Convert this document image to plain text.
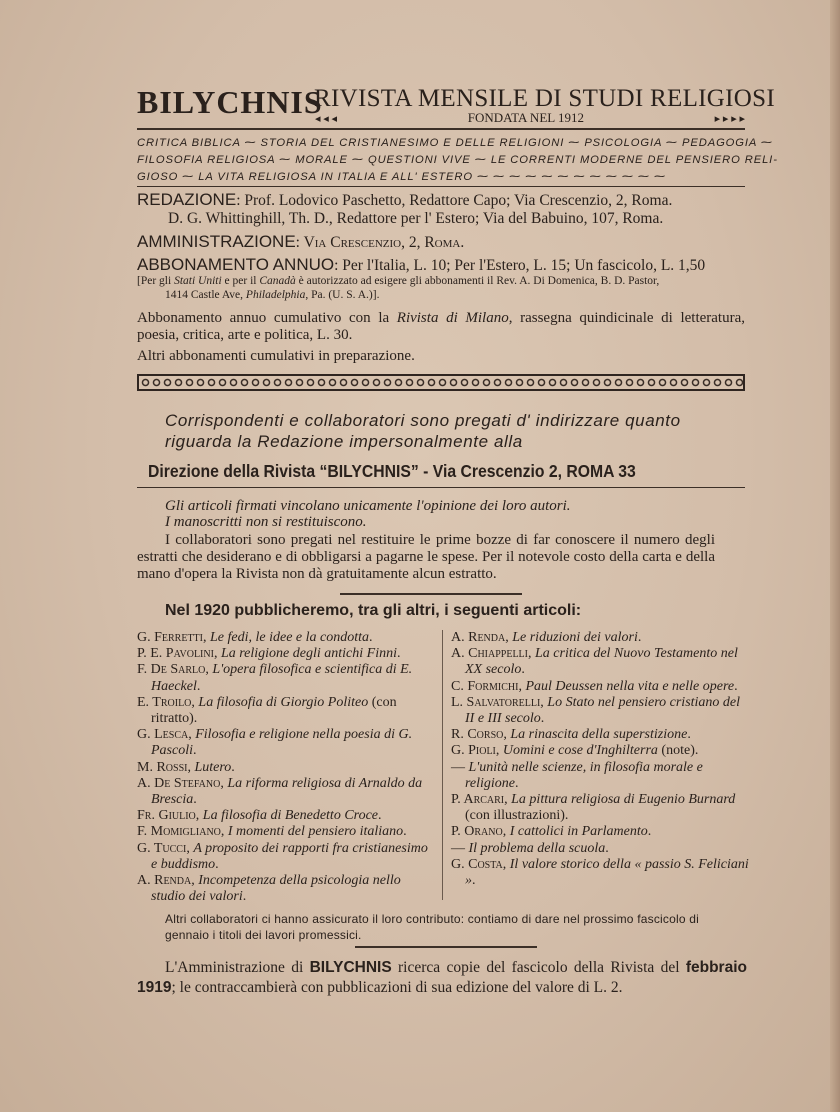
BILYCHNIS
RIVISTA MENSILE DI STUDI RELIGIOSI
◂ ◂ ◂	FONDATA NEL 1912	▸ ▸ ▸ ▸
CRITICA BIBLICA ⁓ STORIA DEL CRISTIANESIMO E DELLE RELIGIONI ⁓ PSICOLOGIA ⁓ PEDAGOGIA ⁓
FILOSOFIA RELIGIOSA ⁓ MORALE ⁓ QUESTIONI VIVE ⁓ LE CORRENTI MODERNE DEL PENSIERO RELI-
GIOSO ⁓ LA VITA RELIGIOSA IN ITALIA E ALL' ESTERO ⁓ ⁓ ⁓ ⁓ ⁓ ⁓ ⁓ ⁓ ⁓ ⁓ ⁓ ⁓
REDAZIONE: Prof. Lodovico Paschetto, Redattore Capo; Via Crescenzio, 2, Roma.
D. G. Whittinghill, Th. D., Redattore per l' Estero; Via del Babuino, 107, Roma.
AMMINISTRAZIONE: Via Crescenzio, 2, Roma.
ABBONAMENTO ANNUO: Per l'Italia, L. 10; Per l'Estero, L. 15; Un fascicolo, L. 1,50
[Per gli Stati Uniti e per il Canadà è autorizzato ad esigere gli abbonamenti il Rev. A. Di Domenica, B. D. Pastor,
1414 Castle Ave, Philadelphia, Pa. (U. S. A.)].
Abbonamento annuo cumulativo con la Rivista di Milano, rassegna quindicinale di letteratura, poesia, critica, arte e politica, L. 30.
Altri abbonamenti cumulativi in preparazione.
Corrispondenti e collaboratori sono pregati d' indirizzare quanto
riguarda la Redazione impersonalmente alla
Direzione della Rivista “BILYCHNIS” - Via Crescenzio 2, ROMA 33
Gli articoli firmati vincolano unicamente l'opinione dei loro autori.
I manoscritti non si restituiscono.
I collaboratori sono pregati nel restituire le prime bozze di far conoscere il numero degli estratti che desiderano e di obbligarsi a pagarne le spese. Per il notevole costo della carta e della mano d'opera la Rivista non dà gratuitamente alcun estratto.
Nel 1920 pubblicheremo, tra gli altri, i seguenti articoli:

G. Ferretti, Le fedi, le idee e la condotta.

P. E. Pavolini, La religione degli antichi Finni.

F. De Sarlo, L'opera filosofica e scientifica di E. Haeckel.

E. Troilo, La filosofia di Giorgio Politeo (con ritratto).

G. Lesca, Filosofia e religione nella poesia di G. Pascoli.

M. Rossi, Lutero.

A. De Stefano, La riforma religiosa di Arnaldo da Brescia.

Fr. Giulio, La filosofia di Benedetto Croce.

F. Momigliano, I momenti del pensiero italiano.

G. Tucci, A proposito dei rapporti fra cristianesimo e buddismo.

A. Renda, Incompetenza della psicologia nello studio dei valori.

A. Renda, Le riduzioni dei valori.

A. Chiappelli, La critica del Nuovo Testamento nel XX secolo.

C. Formichi, Paul Deussen nella vita e nelle opere.

L. Salvatorelli, Lo Stato nel pensiero cristiano del II e III secolo.

R. Corso, La rinascita della superstizione.

G. Pioli, Uomini e cose d'Inghilterra (note).

— L'unità nelle scienze, in filosofia morale e religione.

P. Arcari, La pittura religiosa di Eugenio Burnard (con illustrazioni).

P. Orano, I cattolici in Parlamento.

— Il problema della scuola.

G. Costa, Il valore storico della « passio S. Feliciani ».

Altri collaboratori ci hanno assicurato il loro contributo: contiamo di dare nel prossimo fascicolo di gennaio i titoli dei lavori promessici.
L'Amministrazione di BILYCHNIS ricerca copie del fascicolo della Rivista del febbraio 1919; le contraccambierà con pubblicazioni di sua edizione del valore di L. 2.
